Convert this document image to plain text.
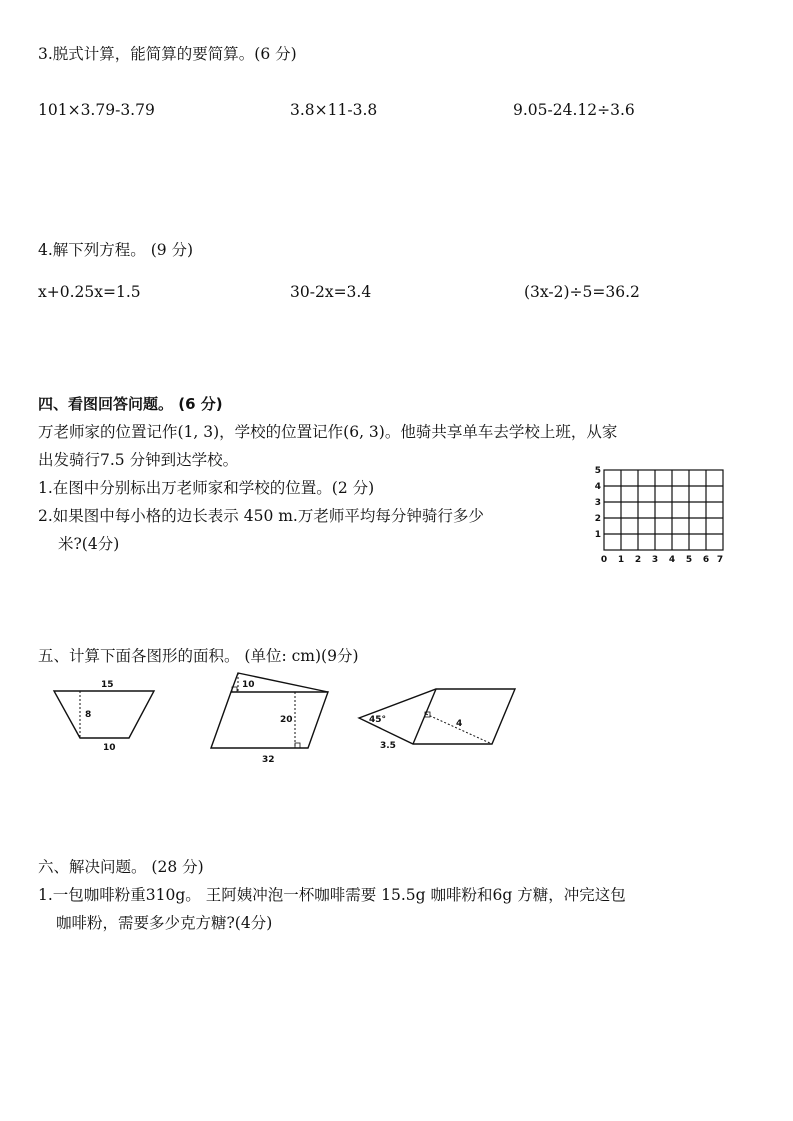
3.脱式计算，能简算的要简算。(6 分)
101×3.79-3.79	3.8×11-3.8	9.05-24.12÷3.6
4.解下列方程。 (9 分)
x+0.25x=1.5	30-2x=3.4	(3x-2)÷5=36.2
四、看图回答问题。 (6 分)
万老师家的位置记作(1, 3)，学校的位置记作(6, 3)。他骑共享单车去学校上班，从家
出发骑行7.5 分钟到达学校。
1.在图中分别标出万老师家和学校的位置。(2 分)
2.如果图中每小格的边长表示 450 m.万老师平均每分钟骑行多少
米?(4分)
0 1 2 3 4 5 6 7
1
2
3
4
5
五、计算下面各图形的面积。 (单位: cm)(9分)
15
8
10
10
20
32
45°
3.5
4
六、解决问题。 (28 分)
1.一包咖啡粉重310g。 王阿姨冲泡一杯咖啡需要 15.5g 咖啡粉和6g 方糖，冲完这包
咖啡粉，需要多少克方糖?(4分)
